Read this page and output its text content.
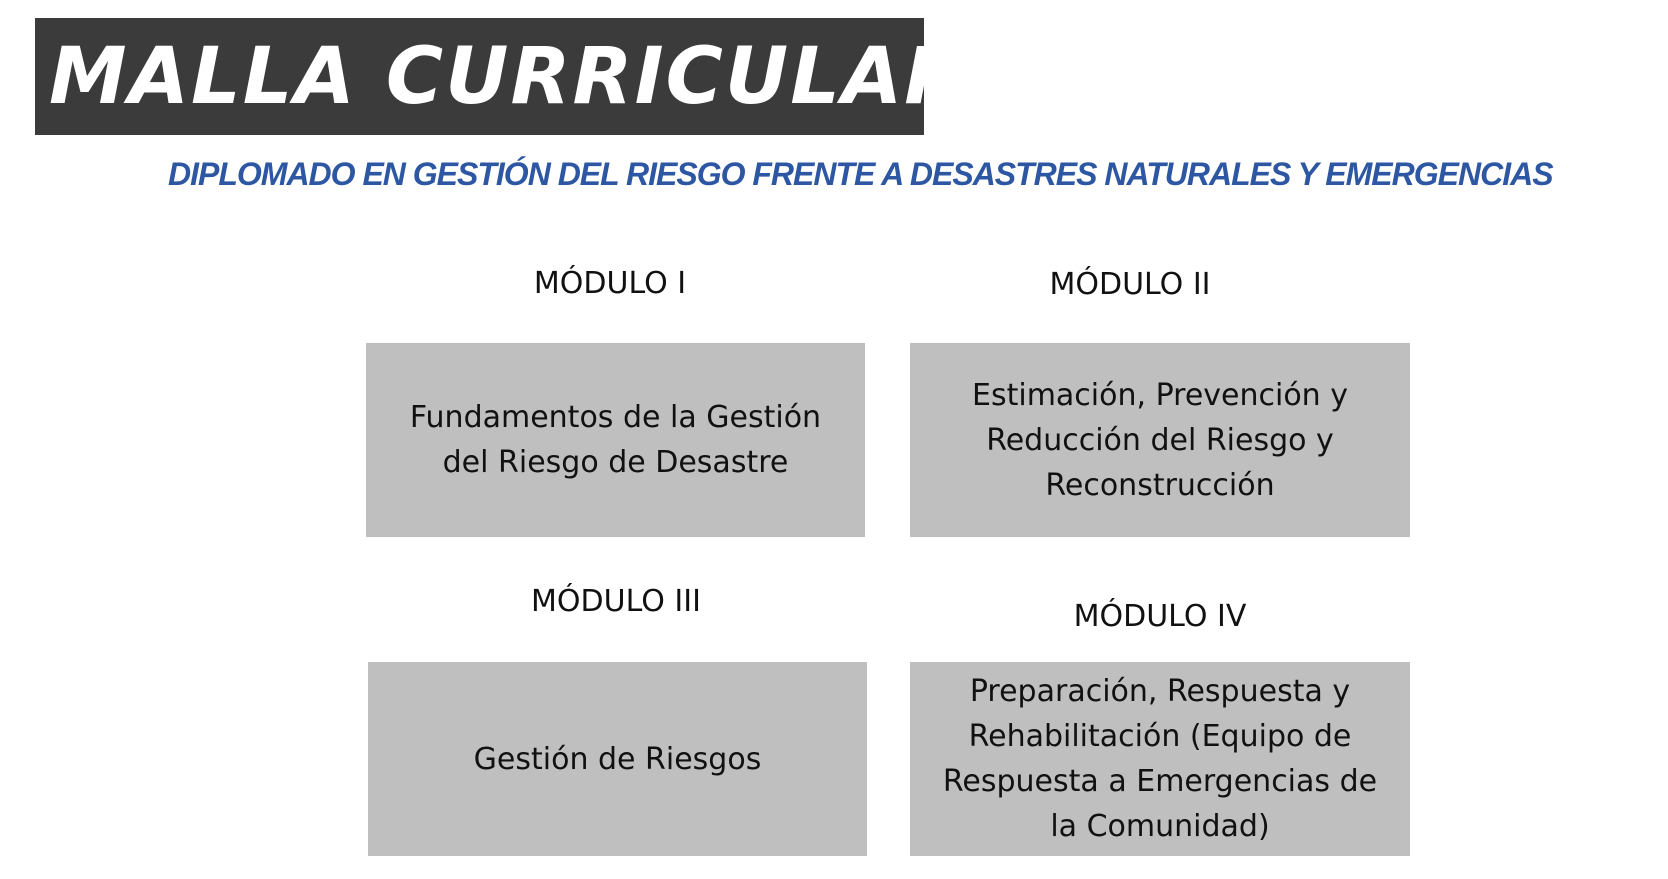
MALLA CURRICULAR
DIPLOMADO EN GESTIÓN DEL RIESGO FRENTE A DESASTRES NATURALES Y EMERGENCIAS
MÓDULO I
Fundamentos de la Gestión del Riesgo de Desastre
MÓDULO II
Estimación, Prevención y Reducción del Riesgo y Reconstrucción
MÓDULO III
Gestión de Riesgos
MÓDULO IV
Preparación, Respuesta y Rehabilitación (Equipo de Respuesta a Emergencias de la Comunidad)
